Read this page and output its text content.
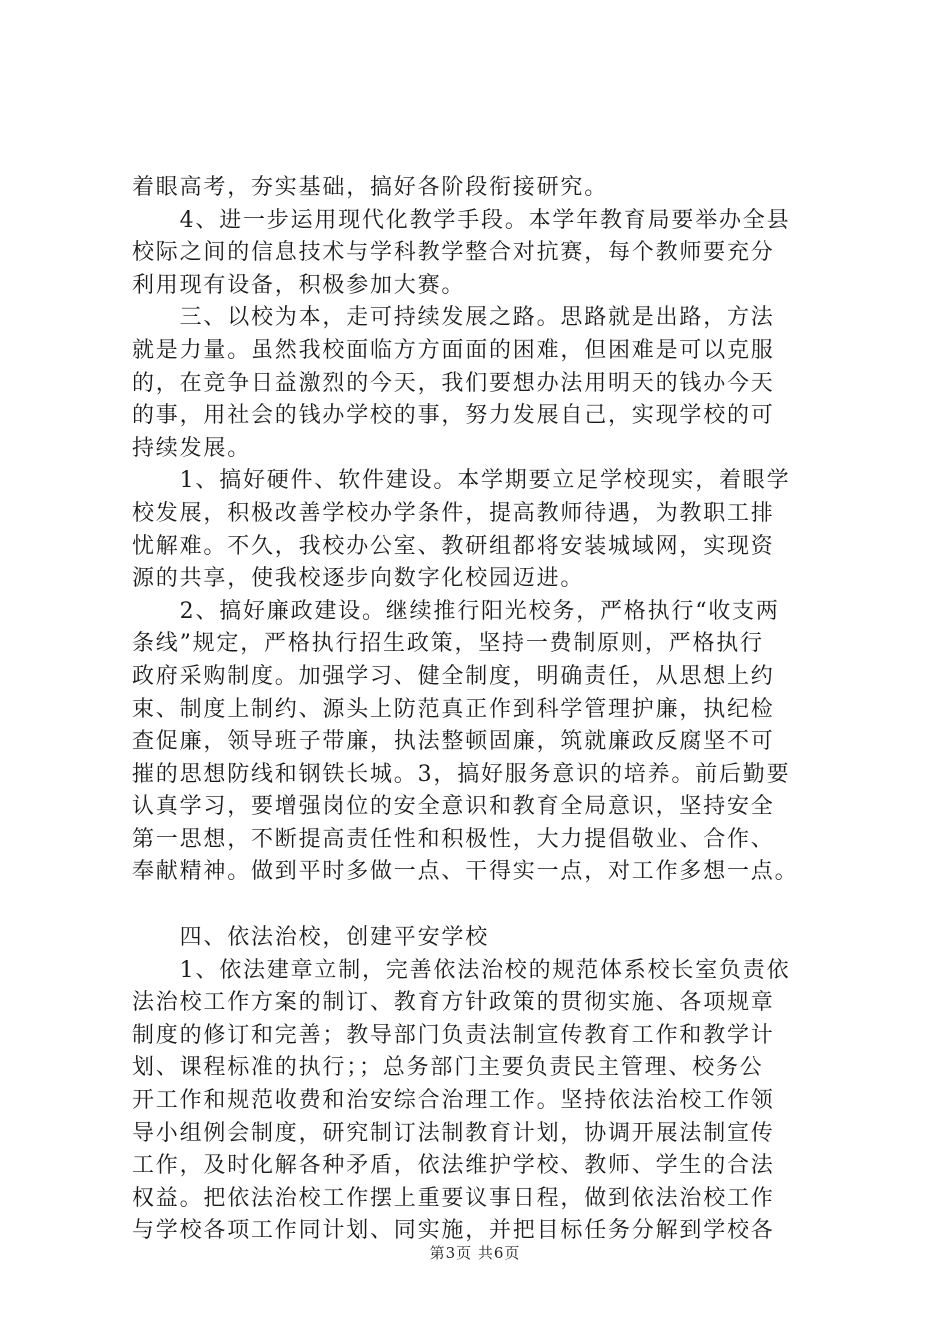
着眼高考，夯实基础，搞好各阶段衔接研究。
　　4、进一步运用现代化教学手段。本学年教育局要举办全县
校际之间的信息技术与学科教学整合对抗赛，每个教师要充分
利用现有设备，积极参加大赛。
　　三、以校为本，走可持续发展之路。思路就是出路，方法
就是力量。虽然我校面临方方面面的困难，但困难是可以克服
的，在竞争日益激烈的今天，我们要想办法用明天的钱办今天
的事，用社会的钱办学校的事，努力发展自己，实现学校的可
持续发展。
　　1、搞好硬件、软件建设。本学期要立足学校现实，着眼学
校发展，积极改善学校办学条件，提高教师待遇，为教职工排
忧解难。不久，我校办公室、教研组都将安装城域网，实现资
源的共享，使我校逐步向数字化校园迈进。
　　2、搞好廉政建设。继续推行阳光校务，严格执行“收支两
条线”规定，严格执行招生政策，坚持一费制原则，严格执行
政府采购制度。加强学习、健全制度，明确责任，从思想上约
束、制度上制约、源头上防范真正作到科学管理护廉，执纪检
查促廉，领导班子带廉，执法整顿固廉，筑就廉政反腐坚不可
摧的思想防线和钢铁长城。3，搞好服务意识的培养。前后勤要
认真学习，要增强岗位的安全意识和教育全局意识，坚持安全
第一思想，不断提高责任性和积极性，大力提倡敬业、合作、
奉献精神。做到平时多做一点、干得实一点，对工作多想一点。
　　四、依法治校，创建平安学校
　　1、依法建章立制，完善依法治校的规范体系校长室负责依
法治校工作方案的制订、教育方针政策的贯彻实施、各项规章
制度的修订和完善；教导部门负责法制宣传教育工作和教学计
划、课程标准的执行；；总务部门主要负责民主管理、校务公
开工作和规范收费和治安综合治理工作。坚持依法治校工作领
导小组例会制度，研究制订法制教育计划，协调开展法制宣传
工作，及时化解各种矛盾，依法维护学校、教师、学生的合法
权益。把依法治校工作摆上重要议事日程，做到依法治校工作
与学校各项工作同计划、同实施，并把目标任务分解到学校各
第3页 共6页
